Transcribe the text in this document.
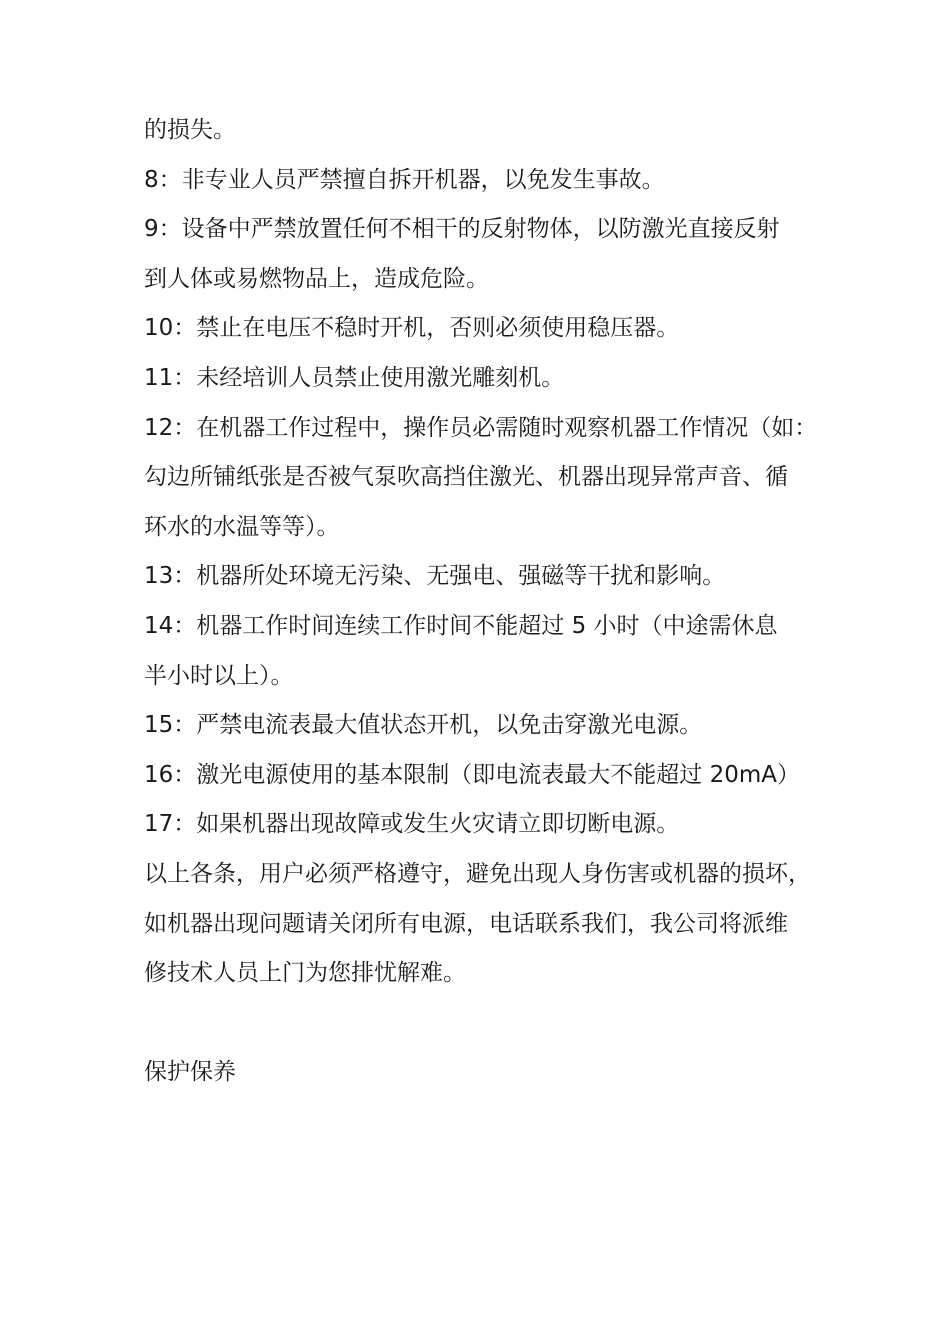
的损失。
8：非专业人员严禁擅自拆开机器，以免发生事故。
9：设备中严禁放置任何不相干的反射物体，以防激光直接反射
到人体或易燃物品上，造成危险。
10：禁止在电压不稳时开机，否则必须使用稳压器。
11：未经培训人员禁止使用激光雕刻机。
12：在机器工作过程中，操作员必需随时观察机器工作情况（如：
勾边所铺纸张是否被气泵吹高挡住激光、机器出现异常声音、循
环水的水温等等）。
13：机器所处环境无污染、无强电、强磁等干扰和影响。
14：机器工作时间连续工作时间不能超过 5 小时（中途需休息
半小时以上）。
15：严禁电流表最大值状态开机，以免击穿激光电源。
16：激光电源使用的基本限制（即电流表最大不能超过 20mA）
17：如果机器出现故障或发生火灾请立即切断电源。
以上各条，用户必须严格遵守，避免出现人身伤害或机器的损坏，
如机器出现问题请关闭所有电源，电话联系我们，我公司将派维
修技术人员上门为您排忧解难。
保护保养
